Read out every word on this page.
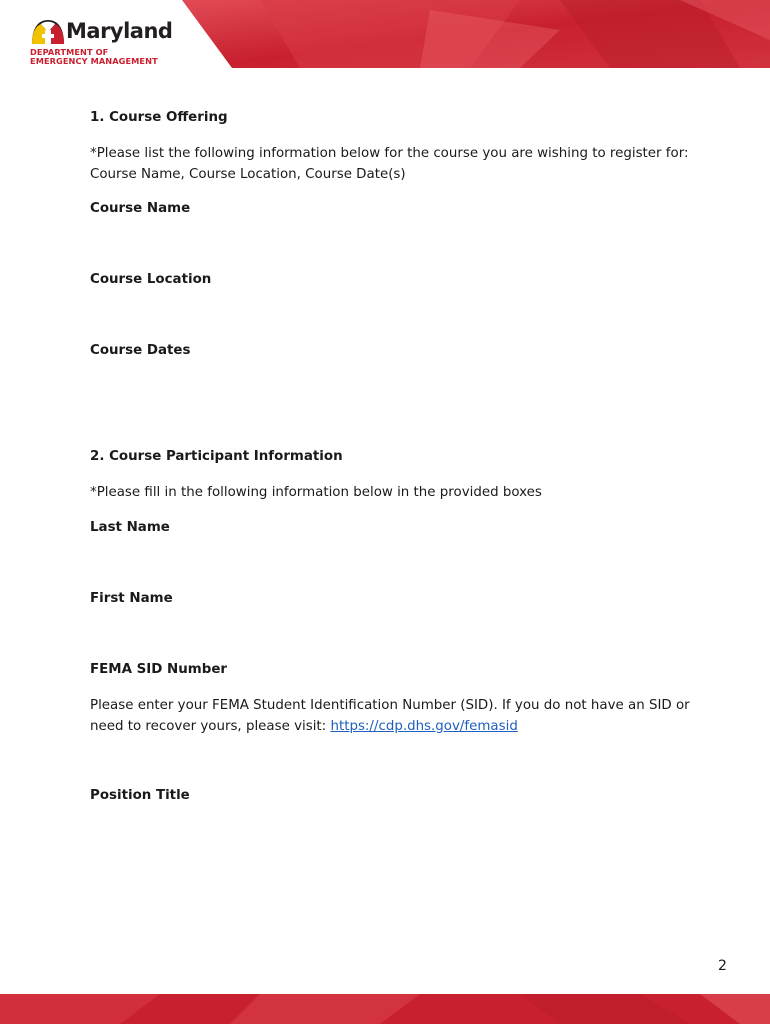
Maryland
DEPARTMENT OF
EMERGENCY MANAGEMENT
1. Course Offering
*Please list the following information below for the course you are wishing to register for: Course Name, Course Location, Course Date(s)
Course Name
Course Location
Course Dates
2. Course Participant Information
*Please fill in the following information below in the provided boxes
Last Name
First Name
FEMA SID Number
Please enter your FEMA Student Identification Number (SID). If you do not have an SID or need to recover yours, please visit: https://cdp.dhs.gov/femasid
Position Title
2
